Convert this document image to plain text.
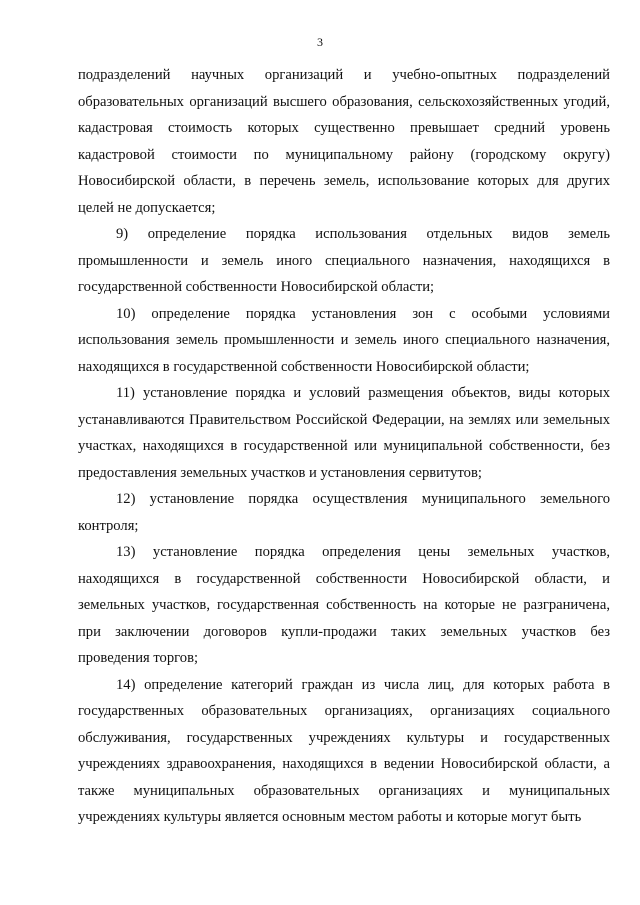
3

подразделений научных организаций и учебно-опытных подразделений образовательных организаций высшего образования, сельскохозяйственных угодий, кадастровая стоимость которых существенно превышает средний уровень кадастровой стоимости по муниципальному району (городскому округу) Новосибирской области, в перечень земель, использование которых для других целей не допускается;

9) определение порядка использования отдельных видов земель промышленности и земель иного специального назначения, находящихся в государственной собственности Новосибирской области;

10) определение порядка установления зон с особыми условиями использования земель промышленности и земель иного специального назначения, находящихся в государственной собственности Новосибирской области;

11) установление порядка и условий размещения объектов, виды которых устанавливаются Правительством Российской Федерации, на землях или земельных участках, находящихся в государственной или муниципальной собственности, без предоставления земельных участков и установления сервитутов;

12) установление порядка осуществления муниципального земельного контроля;

13) установление порядка определения цены земельных участков, находящихся в государственной собственности Новосибирской области, и земельных участков, государственная собственность на которые не разграничена, при заключении договоров купли-продажи таких земельных участков без проведения торгов;

14) определение категорий граждан из числа лиц, для которых работа в государственных образовательных организациях, организациях социального обслуживания, государственных учреждениях культуры и государственных учреждениях здравоохранения, находящихся в ведении Новосибирской области, а также муниципальных образовательных организациях и муниципальных учреждениях культуры является основным местом работы и которые могут быть
